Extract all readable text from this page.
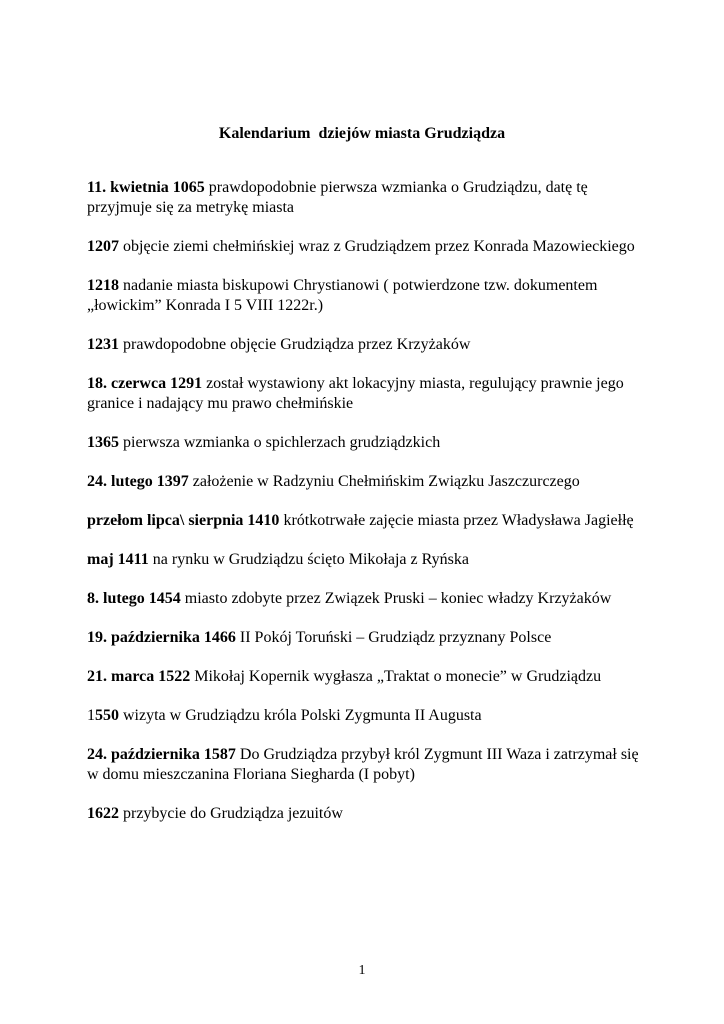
Kalendarium  dziejów miasta Grudziądza

11. kwietnia 1065 prawdopodobnie pierwsza wzmianka o Grudziądzu, datę tę przyjmuje się za metrykę miasta

1207 objęcie ziemi chełmińskiej wraz z Grudziądzem przez Konrada Mazowieckiego

1218 nadanie miasta biskupowi Chrystianowi ( potwierdzone tzw. dokumentem „łowickim” Konrada I 5 VIII 1222r.)

1231 prawdopodobne objęcie Grudziądza przez Krzyżaków

18. czerwca 1291 został wystawiony akt lokacyjny miasta, regulujący prawnie jego granice i nadający mu prawo chełmińskie

1365 pierwsza wzmianka o spichlerzach grudziądzkich

24. lutego 1397 założenie w Radzyniu Chełmińskim Związku Jaszczurczego

przełom lipca\ sierpnia 1410 krótkotrwałe zajęcie miasta przez Władysława Jagiełłę

maj 1411 na rynku w Grudziądzu ścięto Mikołaja z Ryńska

8. lutego 1454 miasto zdobyte przez Związek Pruski – koniec władzy Krzyżaków

19. października 1466 II Pokój Toruński – Grudziądz przyznany Polsce

21. marca 1522 Mikołaj Kopernik wygłasza „Traktat o monecie” w Grudziądzu

1550 wizyta w Grudziądzu króla Polski Zygmunta II Augusta

24. października 1587 Do Grudziądza przybył król Zygmunt III Waza i zatrzymał się w domu mieszczanina Floriana Siegharda (I pobyt)

1622 przybycie do Grudziądza jezuitów

1
